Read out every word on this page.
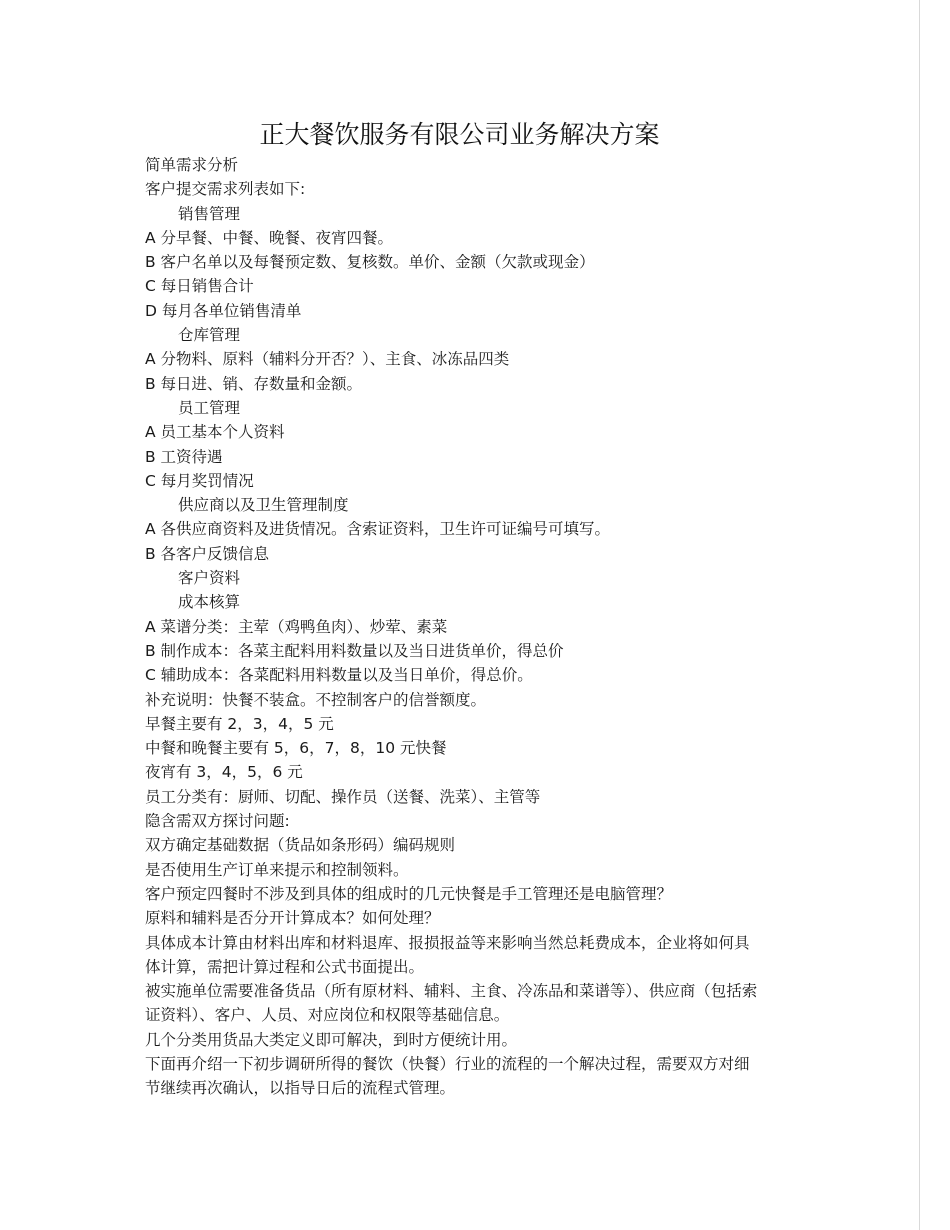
正大餐饮服务有限公司业务解决方案
简单需求分析
客户提交需求列表如下:
销售管理
A 分早餐、中餐、晚餐、夜宵四餐。
B 客户名单以及每餐预定数、复核数。单价、金额（欠款或现金）
C 每日销售合计
D 每月各单位销售清单
仓库管理
A 分物料、原料（辅料分开否？）、主食、冰冻品四类
B 每日进、销、存数量和金额。
员工管理
A 员工基本个人资料
B 工资待遇
C 每月奖罚情况
供应商以及卫生管理制度
A 各供应商资料及进货情况。含索证资料，卫生许可证编号可填写。
B 各客户反馈信息
客户资料
成本核算
A 菜谱分类：主荤（鸡鸭鱼肉）、炒荤、素菜
B 制作成本：各菜主配料用料数量以及当日进货单价，得总价
C 辅助成本：各菜配料用料数量以及当日单价，得总价。
补充说明：快餐不装盒。不控制客户的信誉额度。
早餐主要有 2，3，4，5 元
中餐和晚餐主要有 5，6，7，8，10 元快餐
夜宵有 3，4，5，6 元
员工分类有：厨师、切配、操作员（送餐、洗菜）、主管等
隐含需双方探讨问题:
双方确定基础数据（货品如条形码）编码规则
是否使用生产订单来提示和控制领料。
客户预定四餐时不涉及到具体的组成时的几元快餐是手工管理还是电脑管理？
原料和辅料是否分开计算成本？如何处理？
具体成本计算由材料出库和材料退库、报损报益等来影响当然总耗费成本，企业将如何具体计算，需把计算过程和公式书面提出。
被实施单位需要准备货品（所有原材料、辅料、主食、冷冻品和菜谱等）、供应商（包括索证资料）、客户、人员、对应岗位和权限等基础信息。
几个分类用货品大类定义即可解决，到时方便统计用。
下面再介绍一下初步调研所得的餐饮（快餐）行业的流程的一个解决过程，需要双方对细节继续再次确认，以指导日后的流程式管理。
